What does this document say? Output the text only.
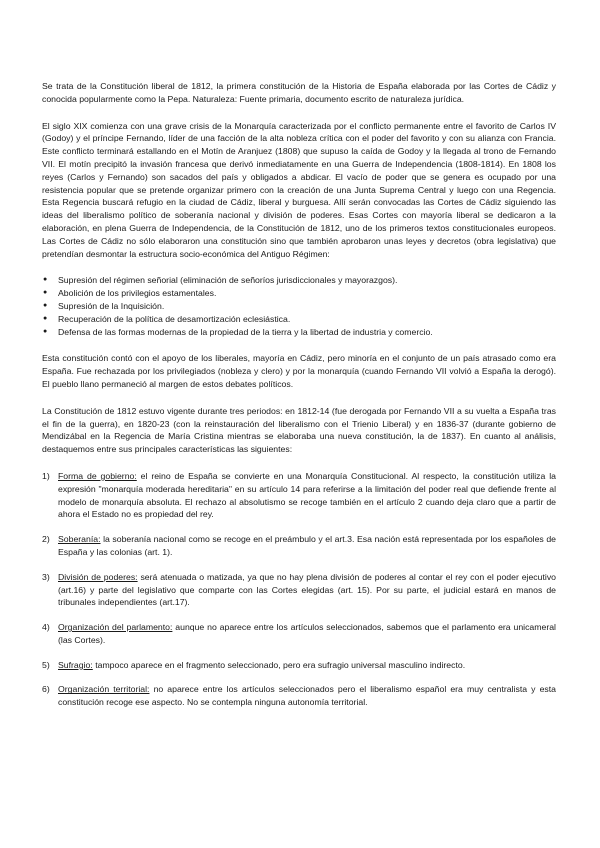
Se trata de la Constitución liberal de 1812, la primera constitución de la Historia de España elaborada por las Cortes de Cádiz y conocida popularmente como la Pepa. Naturaleza: Fuente primaria, documento escrito de naturaleza jurídica.

El siglo XIX comienza con una grave crisis de la Monarquía caracterizada por el conflicto permanente entre el favorito de Carlos IV (Godoy) y el príncipe Fernando, líder de una facción de la alta nobleza crítica con el poder del favorito y con su alianza con Francia. Este conflicto terminará estallando en el Motín de Aranjuez (1808) que supuso la caída de Godoy y la llegada al trono de Fernando VII. El motín precipitó la invasión francesa que derivó inmediatamente en una Guerra de Independencia (1808-1814). En 1808 los reyes (Carlos y Fernando) son sacados del país y obligados a abdicar. El vacío de poder que se genera es ocupado por una resistencia popular que se pretende organizar primero con la creación de una Junta Suprema Central y luego con una Regencia. Esta Regencia buscará refugio en la ciudad de Cádiz, liberal y burguesa. Allí serán convocadas las Cortes de Cádiz siguiendo las ideas del liberalismo político de soberanía nacional y división de poderes. Esas Cortes con mayoría liberal se dedicaron a la elaboración, en plena Guerra de Independencia, de la Constitución de 1812, uno de los primeros textos constitucionales europeos. Las Cortes de Cádiz no sólo elaboraron una constitución sino que también aprobaron unas leyes y decretos (obra legislativa) que pretendían desmontar la estructura socio-económica del Antiguo Régimen:

● Supresión del régimen señorial (eliminación de señoríos jurisdiccionales y mayorazgos).
● Abolición de los privilegios estamentales.
● Supresión de la Inquisición.
● Recuperación de la política de desamortización eclesiástica.
● Defensa de las formas modernas de la propiedad de la tierra y la libertad de industria y comercio.

Esta constitución contó con el apoyo de los liberales, mayoría en Cádiz, pero minoría en el conjunto de un país atrasado como era España. Fue rechazada por los privilegiados (nobleza y clero) y por la monarquía (cuando Fernando VII volvió a España la derogó). El pueblo llano permaneció al margen de estos debates políticos.

La Constitución de 1812 estuvo vigente durante tres periodos: en 1812-14 (fue derogada por Fernando VII a su vuelta a España tras el fin de la guerra), en 1820-23 (con la reinstauración del liberalismo con el Trienio Liberal) y en 1836-37 (durante gobierno de Mendizábal en la Regencia de María Cristina mientras se elaboraba una nueva constitución, la de 1837). En cuanto al análisis, destaquemos entre sus principales características las siguientes:

1) Forma de gobierno: el reino de España se convierte en una Monarquía Constitucional. Al respecto, la constitución utiliza la expresión "monarquía moderada hereditaria" en su artículo 14 para referirse a la limitación del poder real que defiende frente al modelo de monarquía absoluta. El rechazo al absolutismo se recoge también en el artículo 2 cuando deja claro que a partir de ahora el Estado no es propiedad del rey.
2) Soberanía: la soberanía nacional como se recoge en el preámbulo y el art.3. Esa nación está representada por los españoles de España y las colonias (art. 1).
3) División de poderes: será atenuada o matizada, ya que no hay plena división de poderes al contar el rey con el poder ejecutivo (art.16) y parte del legislativo que comparte con las Cortes elegidas (art. 15). Por su parte, el judicial estará en manos de tribunales independientes (art.17).
4) Organización del parlamento: aunque no aparece entre los artículos seleccionados, sabemos que el parlamento era unicameral (las Cortes).
5) Sufragio: tampoco aparece en el fragmento seleccionado, pero era sufragio universal masculino indirecto.
6) Organización territorial: no aparece entre los artículos seleccionados pero el liberalismo español era muy centralista y esta constitución recoge ese aspecto. No se contempla ninguna autonomía territorial.
